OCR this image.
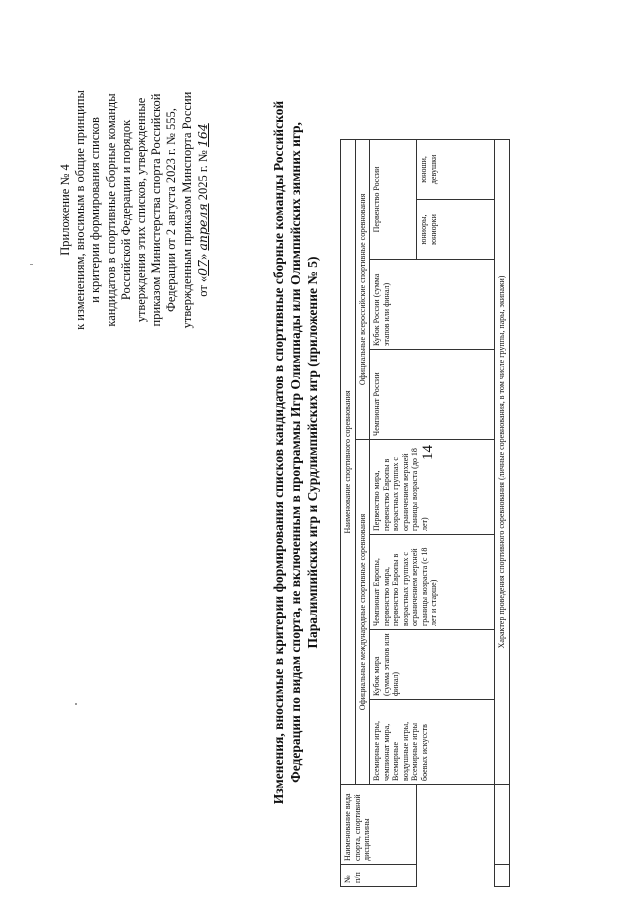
14
Приложение № 4 к изменениям, вносимым в общие принципы и критерии формирования списков кандидатов в спортивные сборные команды Российской Федерации и порядок утверждения этих списков, утвержденные приказом Министерства спорта Российской Федерации от 2 августа 2023 г. № 555, утвержденным приказом Минспорта России от «07» апреля 2025 г. № 164	Изменения, вносимые в критерии формирования списков кандидатов в спортивные сборные команды Российской Федерации по видам спорта, не включенным в программы Игр Олимпиады или Олимпийских зимних игр, Паралимпийских игр и Сурдлимпийских игр (приложение № 5)
№ п/п	Наименование вида спорта, спортивной дисциплины	Наименование спортивного соревнования								
		Официальные международные спортивные соревнования				Официальные всероссийские спортивные соревнования				
		Всемирные игры, чемпионат мира, Всемирные воздушные игры, Всемирные игры боевых искусств	Кубок мира (сумма этапов или финал)	Чемпионат Европы, первенство мира, первенство Европы в возрастных группах с ограничением верхней границы возраста (с 18 лет и старше)	Первенство мира, первенство Европы в возрастных группах с ограничением верхней границы возраста (до 18 лет)	Чемпионат России	Кубок России (сумма этапов или финал)	Первенство России		
								юниоры, юниорки	юноши, девушки	
		Характер проведения спортивного соревнования (личные соревнования, в том числе группы, пары, экипажи)								
